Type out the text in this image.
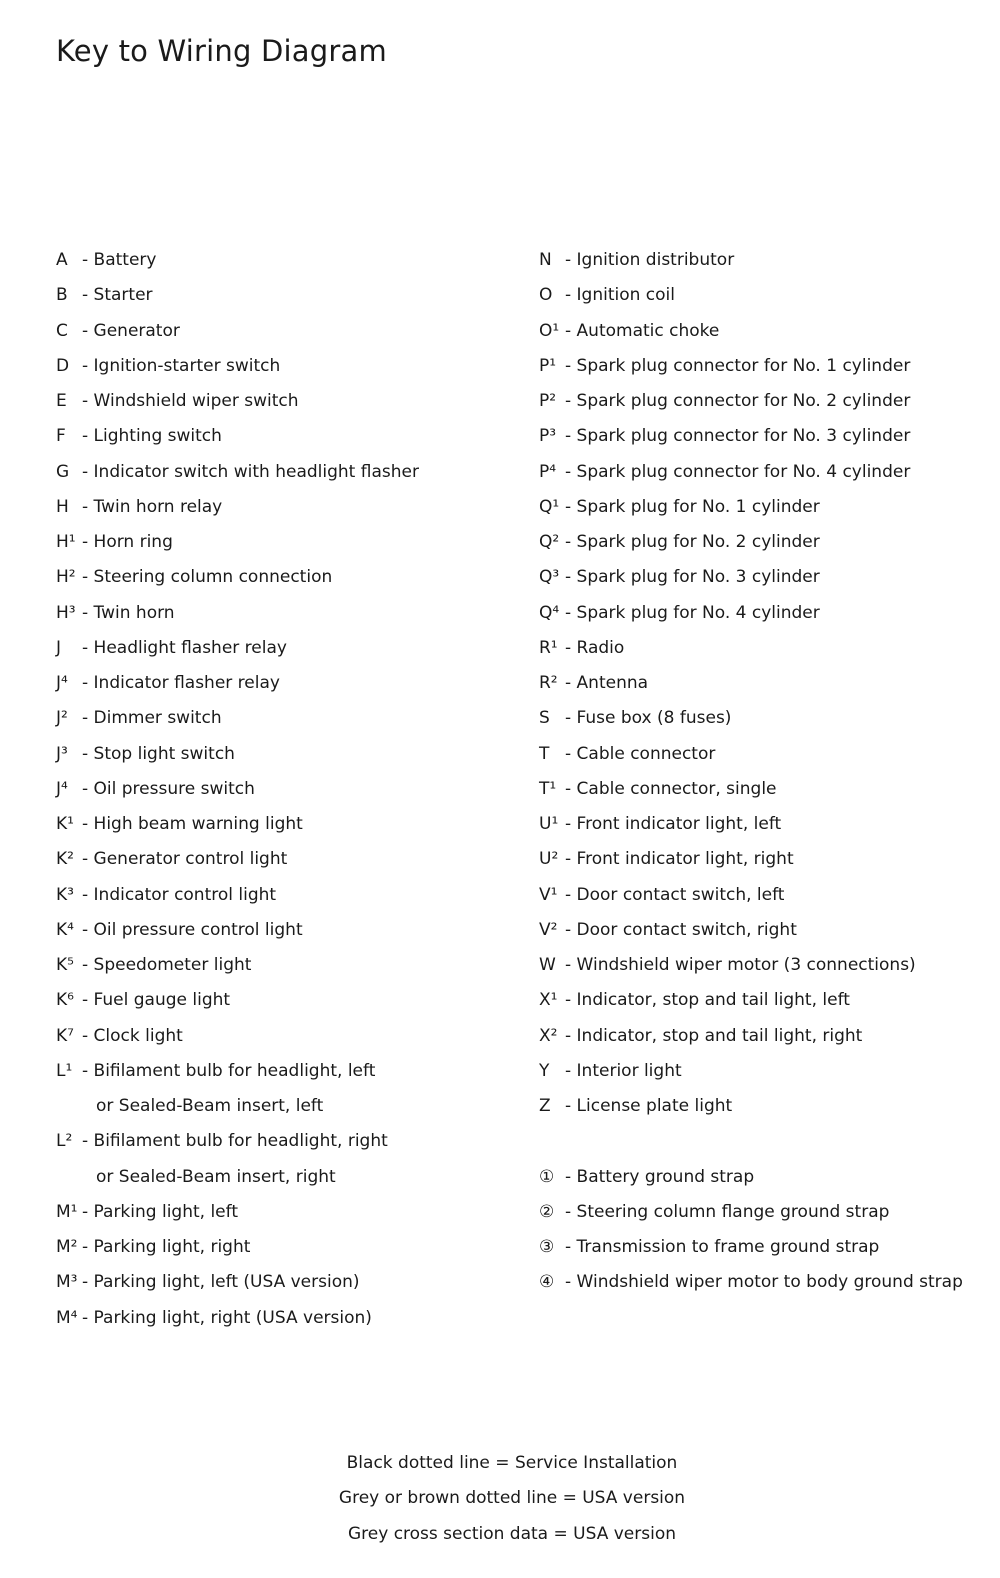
Key to Wiring Diagram
A - Battery
B - Starter
C - Generator
D - Ignition-starter switch
E - Windshield wiper switch
F - Lighting switch
G - Indicator switch with headlight flasher
H - Twin horn relay
H¹ - Horn ring
H² - Steering column connection
H³ - Twin horn
J - Headlight flasher relay
J⁴ - Indicator flasher relay
J² - Dimmer switch
J³ - Stop light switch
J⁴ - Oil pressure switch
K¹ - High beam warning light
K² - Generator control light
K³ - Indicator control light
K⁴ - Oil pressure control light
K⁵ - Speedometer light
K⁶ - Fuel gauge light
K⁷ - Clock light
L¹ - Bifilament bulb for headlight, left
or Sealed-Beam insert, left
L² - Bifilament bulb for headlight, right
or Sealed-Beam insert, right
M¹ - Parking light, left
M² - Parking light, right
M³ - Parking light, left (USA version)
M⁴ - Parking light, right (USA version)
N - Ignition distributor
O - Ignition coil
O¹ - Automatic choke
P¹ - Spark plug connector for No. 1 cylinder
P² - Spark plug connector for No. 2 cylinder
P³ - Spark plug connector for No. 3 cylinder
P⁴ - Spark plug connector for No. 4 cylinder
Q¹ - Spark plug for No. 1 cylinder
Q² - Spark plug for No. 2 cylinder
Q³ - Spark plug for No. 3 cylinder
Q⁴ - Spark plug for No. 4 cylinder
R¹ - Radio
R² - Antenna
S - Fuse box (8 fuses)
T - Cable connector
T¹ - Cable connector, single
U¹ - Front indicator light, left
U² - Front indicator light, right
V¹ - Door contact switch, left
V² - Door contact switch, right
W - Windshield wiper motor (3 connections)
X¹ - Indicator, stop and tail light, left
X² - Indicator, stop and tail light, right
Y - Interior light
Z - License plate light
① - Battery ground strap
② - Steering column flange ground strap
③ - Transmission to frame ground strap
④ - Windshield wiper motor to body ground strap
Black dotted line = Service Installation
Grey or brown dotted line = USA version
Grey cross section data = USA version
